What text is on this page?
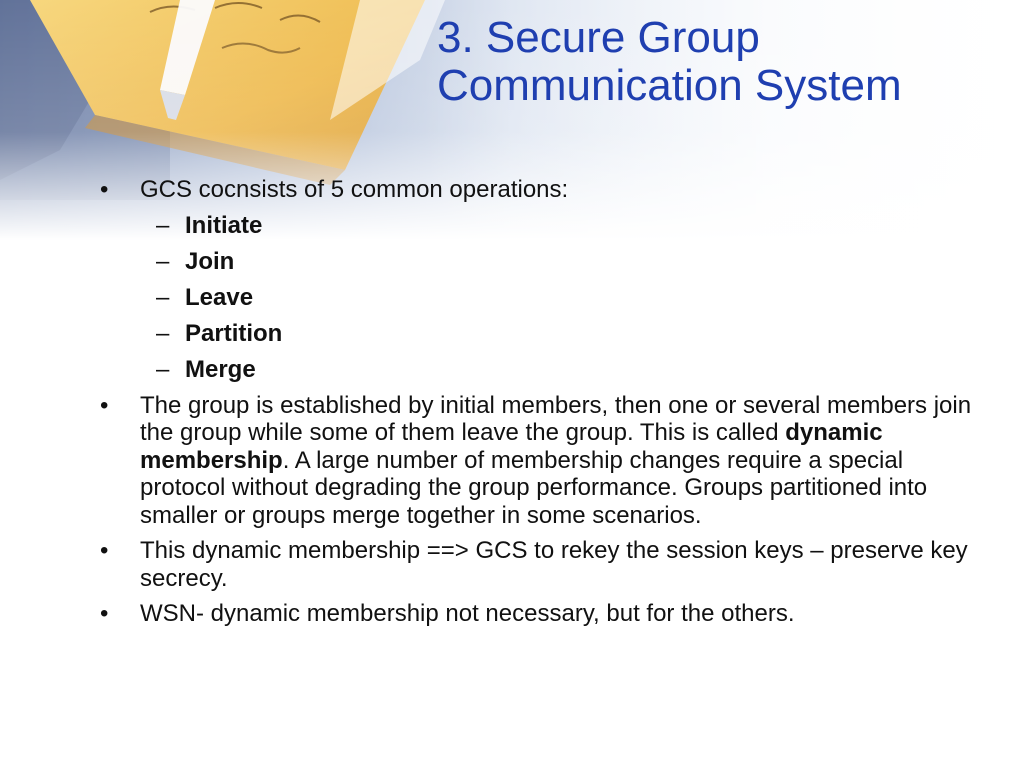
3. Secure Group
Communication System
• GCS cocnsists of 5 common operations:
– Initiate
– Join
– Leave
– Partition
– Merge
• The group is established by initial members, then one or several members join the group while some of them leave the group. This is called dynamic membership. A large number of membership changes require a special protocol without degrading the group performance. Groups partitioned into smaller or groups merge together in some scenarios.
• This dynamic membership ==> GCS to rekey the session keys – preserve key secrecy.
• WSN- dynamic membership not necessary, but for the others.
